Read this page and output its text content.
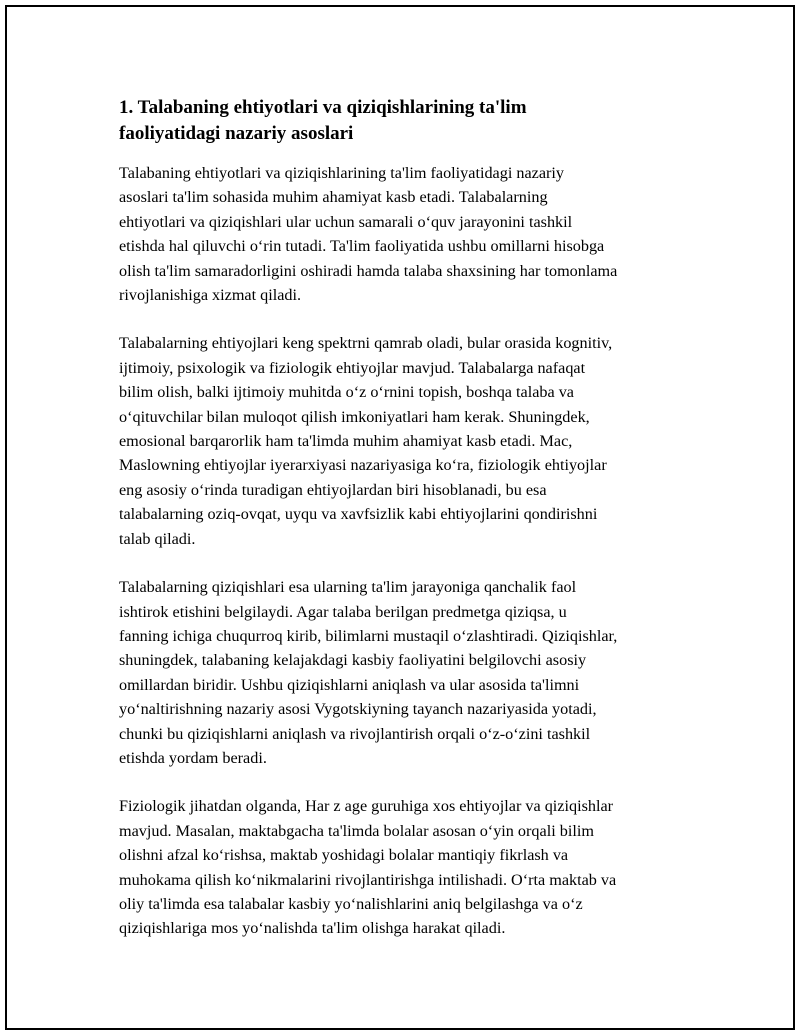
1. Talabaning ehtiyotlari va qiziqishlarining ta'lim
faoliyatidagi nazariy asoslari

Talabaning ehtiyotlari va qiziqishlarining ta'lim faoliyatidagi nazariy
asoslari ta'lim sohasida muhim ahamiyat kasb etadi. Talabalarning
ehtiyotlari va qiziqishlari ular uchun samarali oʻquv jarayonini tashkil
etishda hal qiluvchi oʻrin tutadi. Ta'lim faoliyatida ushbu omillarni hisobga
olish ta'lim samaradorligini oshiradi hamda talaba shaxsining har tomonlama
rivojlanishiga xizmat qiladi.

Talabalarning ehtiyojlari keng spektrni qamrab oladi, bular orasida kognitiv,
ijtimoiy, psixologik va fiziologik ehtiyojlar mavjud. Talabalarga nafaqat
bilim olish, balki ijtimoiy muhitda oʻz oʻrnini topish, boshqa talaba va
oʻqituvchilar bilan muloqot qilish imkoniyatlari ham kerak. Shuningdek,
emosional barqarorlik ham ta'limda muhim ahamiyat kasb etadi. Mac,
Maslowning ehtiyojlar iyerarxiyasi nazariyasiga koʻra, fiziologik ehtiyojlar
eng asosiy oʻrinda turadigan ehtiyojlardan biri hisoblanadi, bu esa
talabalarning oziq-ovqat, uyqu va xavfsizlik kabi ehtiyojlarini qondirishni
talab qiladi.

Talabalarning qiziqishlari esa ularning ta'lim jarayoniga qanchalik faol
ishtirok etishini belgilaydi. Agar talaba berilgan predmetga qiziqsa, u
fanning ichiga chuqurroq kirib, bilimlarni mustaqil oʻzlashtiradi. Qiziqishlar,
shuningdek, talabaning kelajakdagi kasbiy faoliyatini belgilovchi asosiy
omillardan biridir. Ushbu qiziqishlarni aniqlash va ular asosida ta'limni
yoʻnaltirishning nazariy asosi Vygotskiyning tayanch nazariyasida yotadi,
chunki bu qiziqishlarni aniqlash va rivojlantirish orqali oʻz-oʻzini tashkil
etishda yordam beradi.

Fiziologik jihatdan olganda, Har z age guruhiga xos ehtiyojlar va qiziqishlar
mavjud. Masalan, maktabgacha ta'limda bolalar asosan oʻyin orqali bilim
olishni afzal koʻrishsa, maktab yoshidagi bolalar mantiqiy fikrlash va
muhokama qilish koʻnikmalarini rivojlantirishga intilishadi. Oʻrta maktab va
oliy ta'limda esa talabalar kasbiy yoʻnalishlarini aniq belgilashga va oʻz
qiziqishlariga mos yoʻnalishda ta'lim olishga harakat qiladi.
